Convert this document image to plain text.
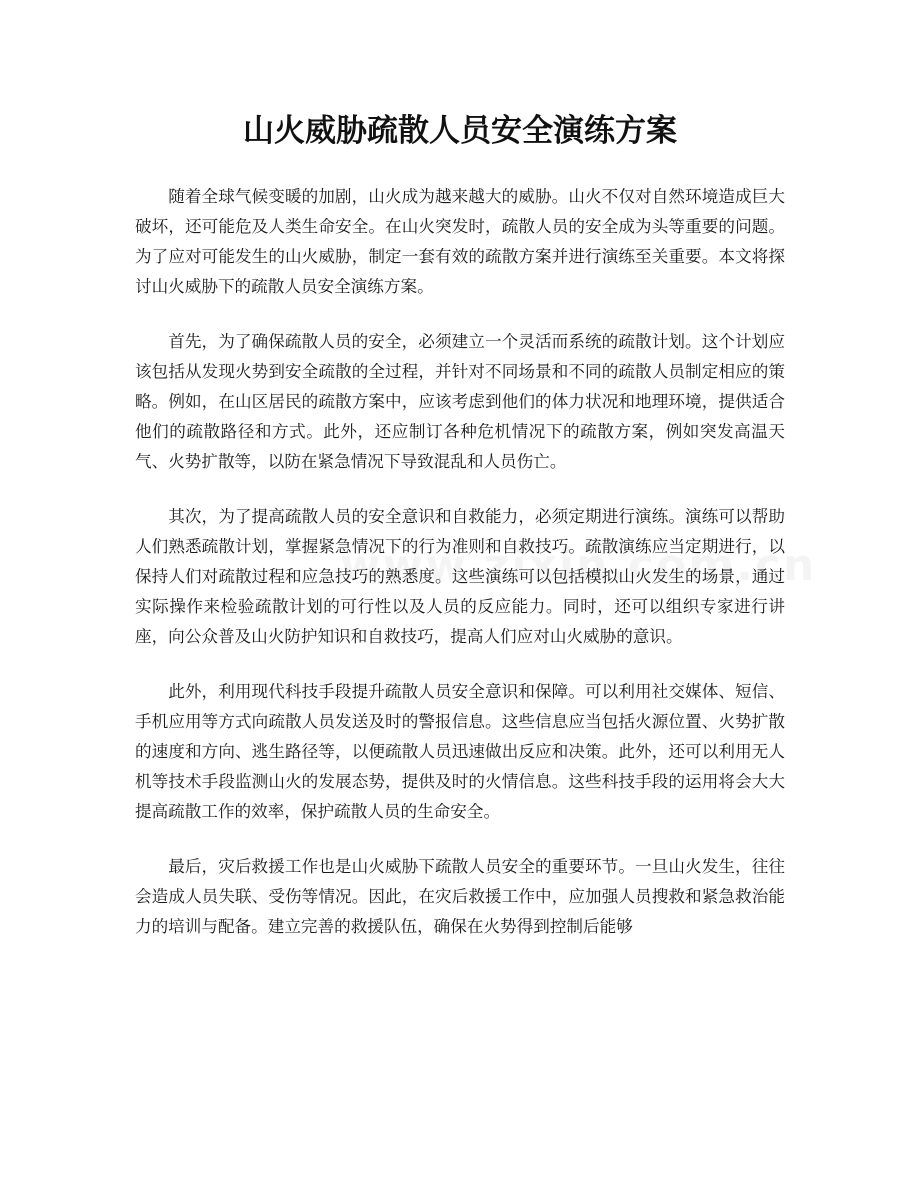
山火威胁疏散人员安全演练方案

随着全球气候变暖的加剧，山火成为越来越大的威胁。山火不仅对自然环境造成巨大破坏，还可能危及人类生命安全。在山火突发时，疏散人员的安全成为头等重要的问题。为了应对可能发生的山火威胁，制定一套有效的疏散方案并进行演练至关重要。本文将探讨山火威胁下的疏散人员安全演练方案。

首先，为了确保疏散人员的安全，必须建立一个灵活而系统的疏散计划。这个计划应该包括从发现火势到安全疏散的全过程，并针对不同场景和不同的疏散人员制定相应的策略。例如，在山区居民的疏散方案中，应该考虑到他们的体力状况和地理环境，提供适合他们的疏散路径和方式。此外，还应制订各种危机情况下的疏散方案，例如突发高温天气、火势扩散等，以防在紧急情况下导致混乱和人员伤亡。

其次，为了提高疏散人员的安全意识和自救能力，必须定期进行演练。演练可以帮助人们熟悉疏散计划，掌握紧急情况下的行为准则和自救技巧。疏散演练应当定期进行，以保持人们对疏散过程和应急技巧的熟悉度。这些演练可以包括模拟山火发生的场景，通过实际操作来检验疏散计划的可行性以及人员的反应能力。同时，还可以组织专家进行讲座，向公众普及山火防护知识和自救技巧，提高人们应对山火威胁的意识。

此外，利用现代科技手段提升疏散人员安全意识和保障。可以利用社交媒体、短信、手机应用等方式向疏散人员发送及时的警报信息。这些信息应当包括火源位置、火势扩散的速度和方向、逃生路径等，以便疏散人员迅速做出反应和决策。此外，还可以利用无人机等技术手段监测山火的发展态势，提供及时的火情信息。这些科技手段的运用将会大大提高疏散工作的效率，保护疏散人员的生命安全。

最后，灾后救援工作也是山火威胁下疏散人员安全的重要环节。一旦山火发生，往往会造成人员失联、受伤等情况。因此，在灾后救援工作中，应加强人员搜救和紧急救治能力的培训与配备。建立完善的救援队伍，确保在火势得到控制后能够
